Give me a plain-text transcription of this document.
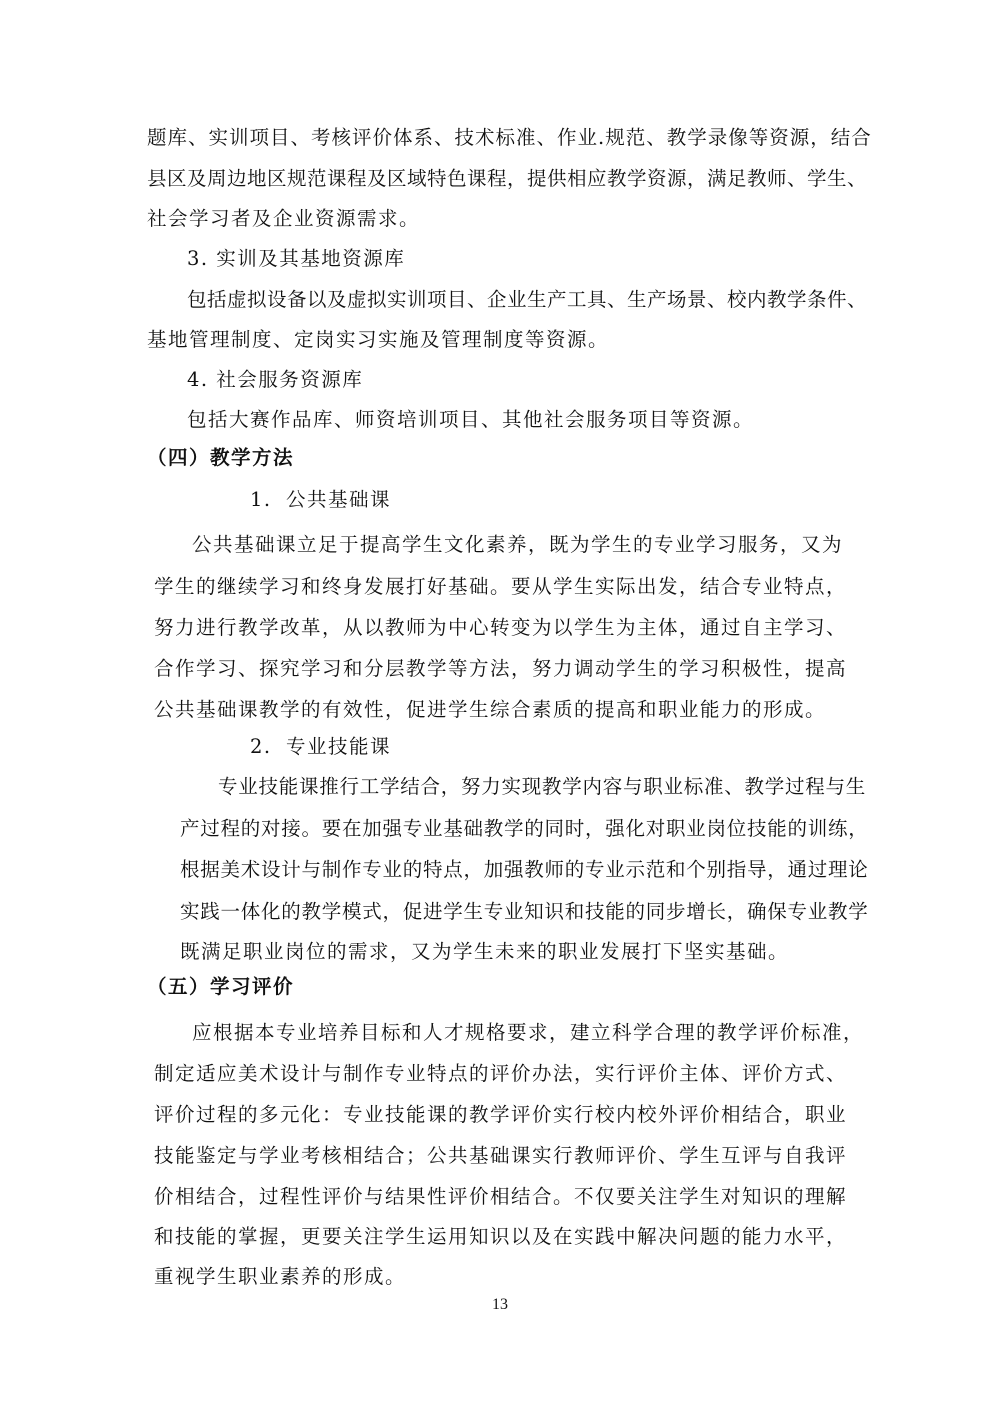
题库、实训项目、考核评价体系、技术标准、作业.规范、教学录像等资源，结合
县区及周边地区规范课程及区域特色课程，提供相应教学资源，满足教师、学生、
社会学习者及企业资源需求。
3. 实训及其基地资源库
包括虚拟设备以及虚拟实训项目、企业生产工具、生产场景、校内教学条件、
基地管理制度、定岗实习实施及管理制度等资源。
4. 社会服务资源库
包括大赛作品库、师资培训项目、其他社会服务项目等资源。
（四）教学方法
1. 公共基础课
公共基础课立足于提高学生文化素养，既为学生的专业学习服务，又为
学生的继续学习和终身发展打好基础。要从学生实际出发，结合专业特点，
努力进行教学改革，从以教师为中心转变为以学生为主体，通过自主学习、
合作学习、探究学习和分层教学等方法，努力调动学生的学习积极性，提高
公共基础课教学的有效性，促进学生综合素质的提高和职业能力的形成。
2. 专业技能课
专业技能课推行工学结合，努力实现教学内容与职业标准、教学过程与生
产过程的对接。要在加强专业基础教学的同时，强化对职业岗位技能的训练，
根据美术设计与制作专业的特点，加强教师的专业示范和个别指导，通过理论
实践一体化的教学模式，促进学生专业知识和技能的同步增长，确保专业教学
既满足职业岗位的需求，又为学生未来的职业发展打下坚实基础。
（五）学习评价
应根据本专业培养目标和人才规格要求，建立科学合理的教学评价标准，
制定适应美术设计与制作专业特点的评价办法，实行评价主体、评价方式、
评价过程的多元化：专业技能课的教学评价实行校内校外评价相结合，职业
技能鉴定与学业考核相结合；公共基础课实行教师评价、学生互评与自我评
价相结合，过程性评价与结果性评价相结合。不仅要关注学生对知识的理解
和技能的掌握，更要关注学生运用知识以及在实践中解决问题的能力水平，
重视学生职业素养的形成。
13
